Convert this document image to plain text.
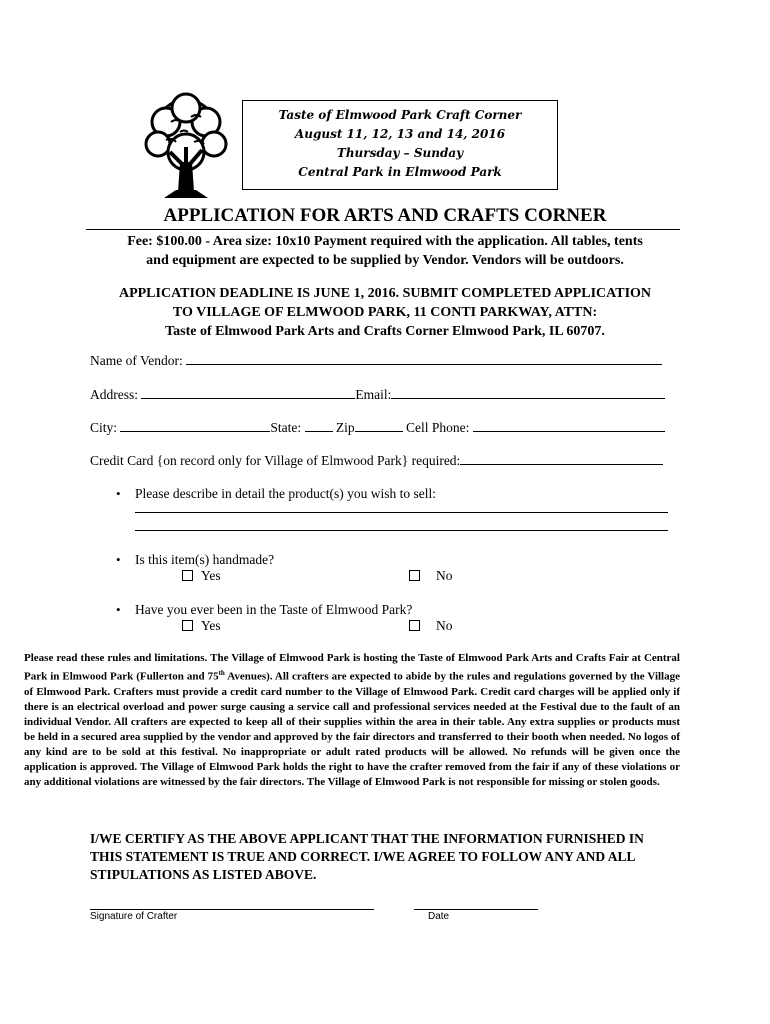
Taste of Elmwood Park Craft Corner
August 11, 12, 13 and 14, 2016
Thursday – Sunday
Central Park in Elmwood Park
APPLICATION FOR ARTS AND CRAFTS CORNER
Fee: $100.00 - Area size: 10x10 Payment required with the application. All tables, tents
and equipment are expected to be supplied by Vendor. Vendors will be outdoors.
APPLICATION DEADLINE IS JUNE 1, 2016. SUBMIT COMPLETED APPLICATION
TO VILLAGE OF ELMWOOD PARK, 11 CONTI PARKWAY, ATTN:
Taste of Elmwood Park Arts and Crafts Corner Elmwood Park, IL 60707.
Name of Vendor:
Address:	Email:
City:	State:	Zip	Cell Phone:
Credit Card {on record only for Village of Elmwood Park} required:
• Please describe in detail the product(s) you wish to sell:
• Is this item(s) handmade?
Yes	No
• Have you ever been in the Taste of Elmwood Park?
Yes	No
Please read these rules and limitations. The Village of Elmwood Park is hosting the Taste of Elmwood Park Arts and Crafts Fair at Central Park in Elmwood Park (Fullerton and 75th Avenues). All crafters are expected to abide by the rules and regulations governed by the Village of Elmwood Park. Crafters must provide a credit card number to the Village of Elmwood Park. Credit card charges will be applied only if there is an electrical overload and power surge causing a service call and professional services needed at the Festival due to the fault of an individual Vendor. All crafters are expected to keep all of their supplies within the area in their table. Any extra supplies or products must be held in a secured area supplied by the vendor and approved by the fair directors and transferred to their booth when needed. No logos of any kind are to be sold at this festival. No inappropriate or adult rated products will be allowed. No refunds will be given once the application is approved. The Village of Elmwood Park holds the right to have the crafter removed from the fair if any of these violations or any additional violations are witnessed by the fair directors. The Village of Elmwood Park is not responsible for missing or stolen goods.
I/WE CERTIFY AS THE ABOVE APPLICANT THAT THE INFORMATION FURNISHED IN
THIS STATEMENT IS TRUE AND CORRECT. I/WE AGREE TO FOLLOW ANY AND ALL
STIPULATIONS AS LISTED ABOVE.
Signature of Crafter	Date
